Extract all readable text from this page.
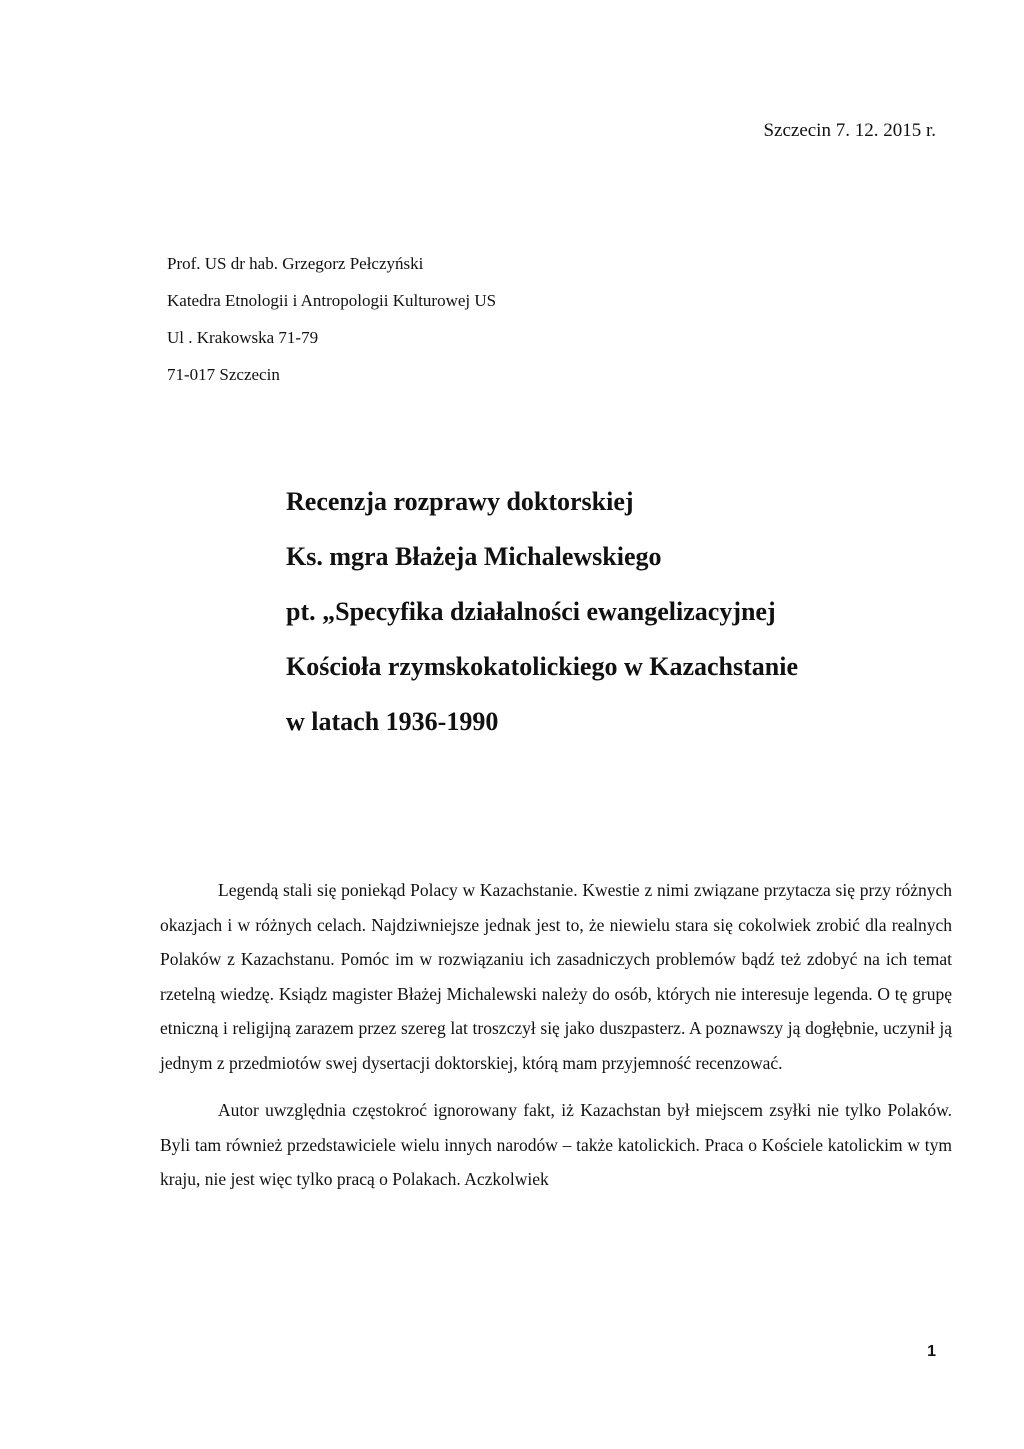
Szczecin 7. 12. 2015 r.
Prof. US dr hab. Grzegorz Pełczyński
Katedra Etnologii i Antropologii Kulturowej US
Ul . Krakowska 71-79
71-017 Szczecin
Recenzja rozprawy doktorskiej
Ks. mgra Błażeja Michalewskiego
pt. „Specyfika działalności ewangelizacyjnej
Kościoła rzymskokatolickiego w Kazachstanie
w latach 1936-1990

Legendą stali się poniekąd Polacy w Kazachstanie. Kwestie z nimi związane przytacza się przy różnych okazjach i w różnych celach. Najdziwniejsze jednak jest to, że niewielu stara się cokolwiek zrobić dla realnych Polaków z Kazachstanu. Pomóc im w rozwiązaniu ich zasadniczych problemów bądź też zdobyć na ich temat rzetelną wiedzę. Ksiądz magister Błażej Michalewski należy do osób, których nie interesuje legenda. O tę grupę etniczną i religijną zarazem przez szereg lat troszczył się jako duszpasterz. A poznawszy ją dogłębnie, uczynił ją jednym z przedmiotów swej dysertacji doktorskiej, którą mam przyjemność recenzować.

Autor uwzględnia częstokroć ignorowany fakt, iż Kazachstan był miejscem zsyłki nie tylko Polaków. Byli tam również przedstawiciele wielu innych narodów – także katolickich. Praca o Kościele katolickim w tym kraju, nie jest więc tylko pracą o Polakach. Aczkolwiek

1
